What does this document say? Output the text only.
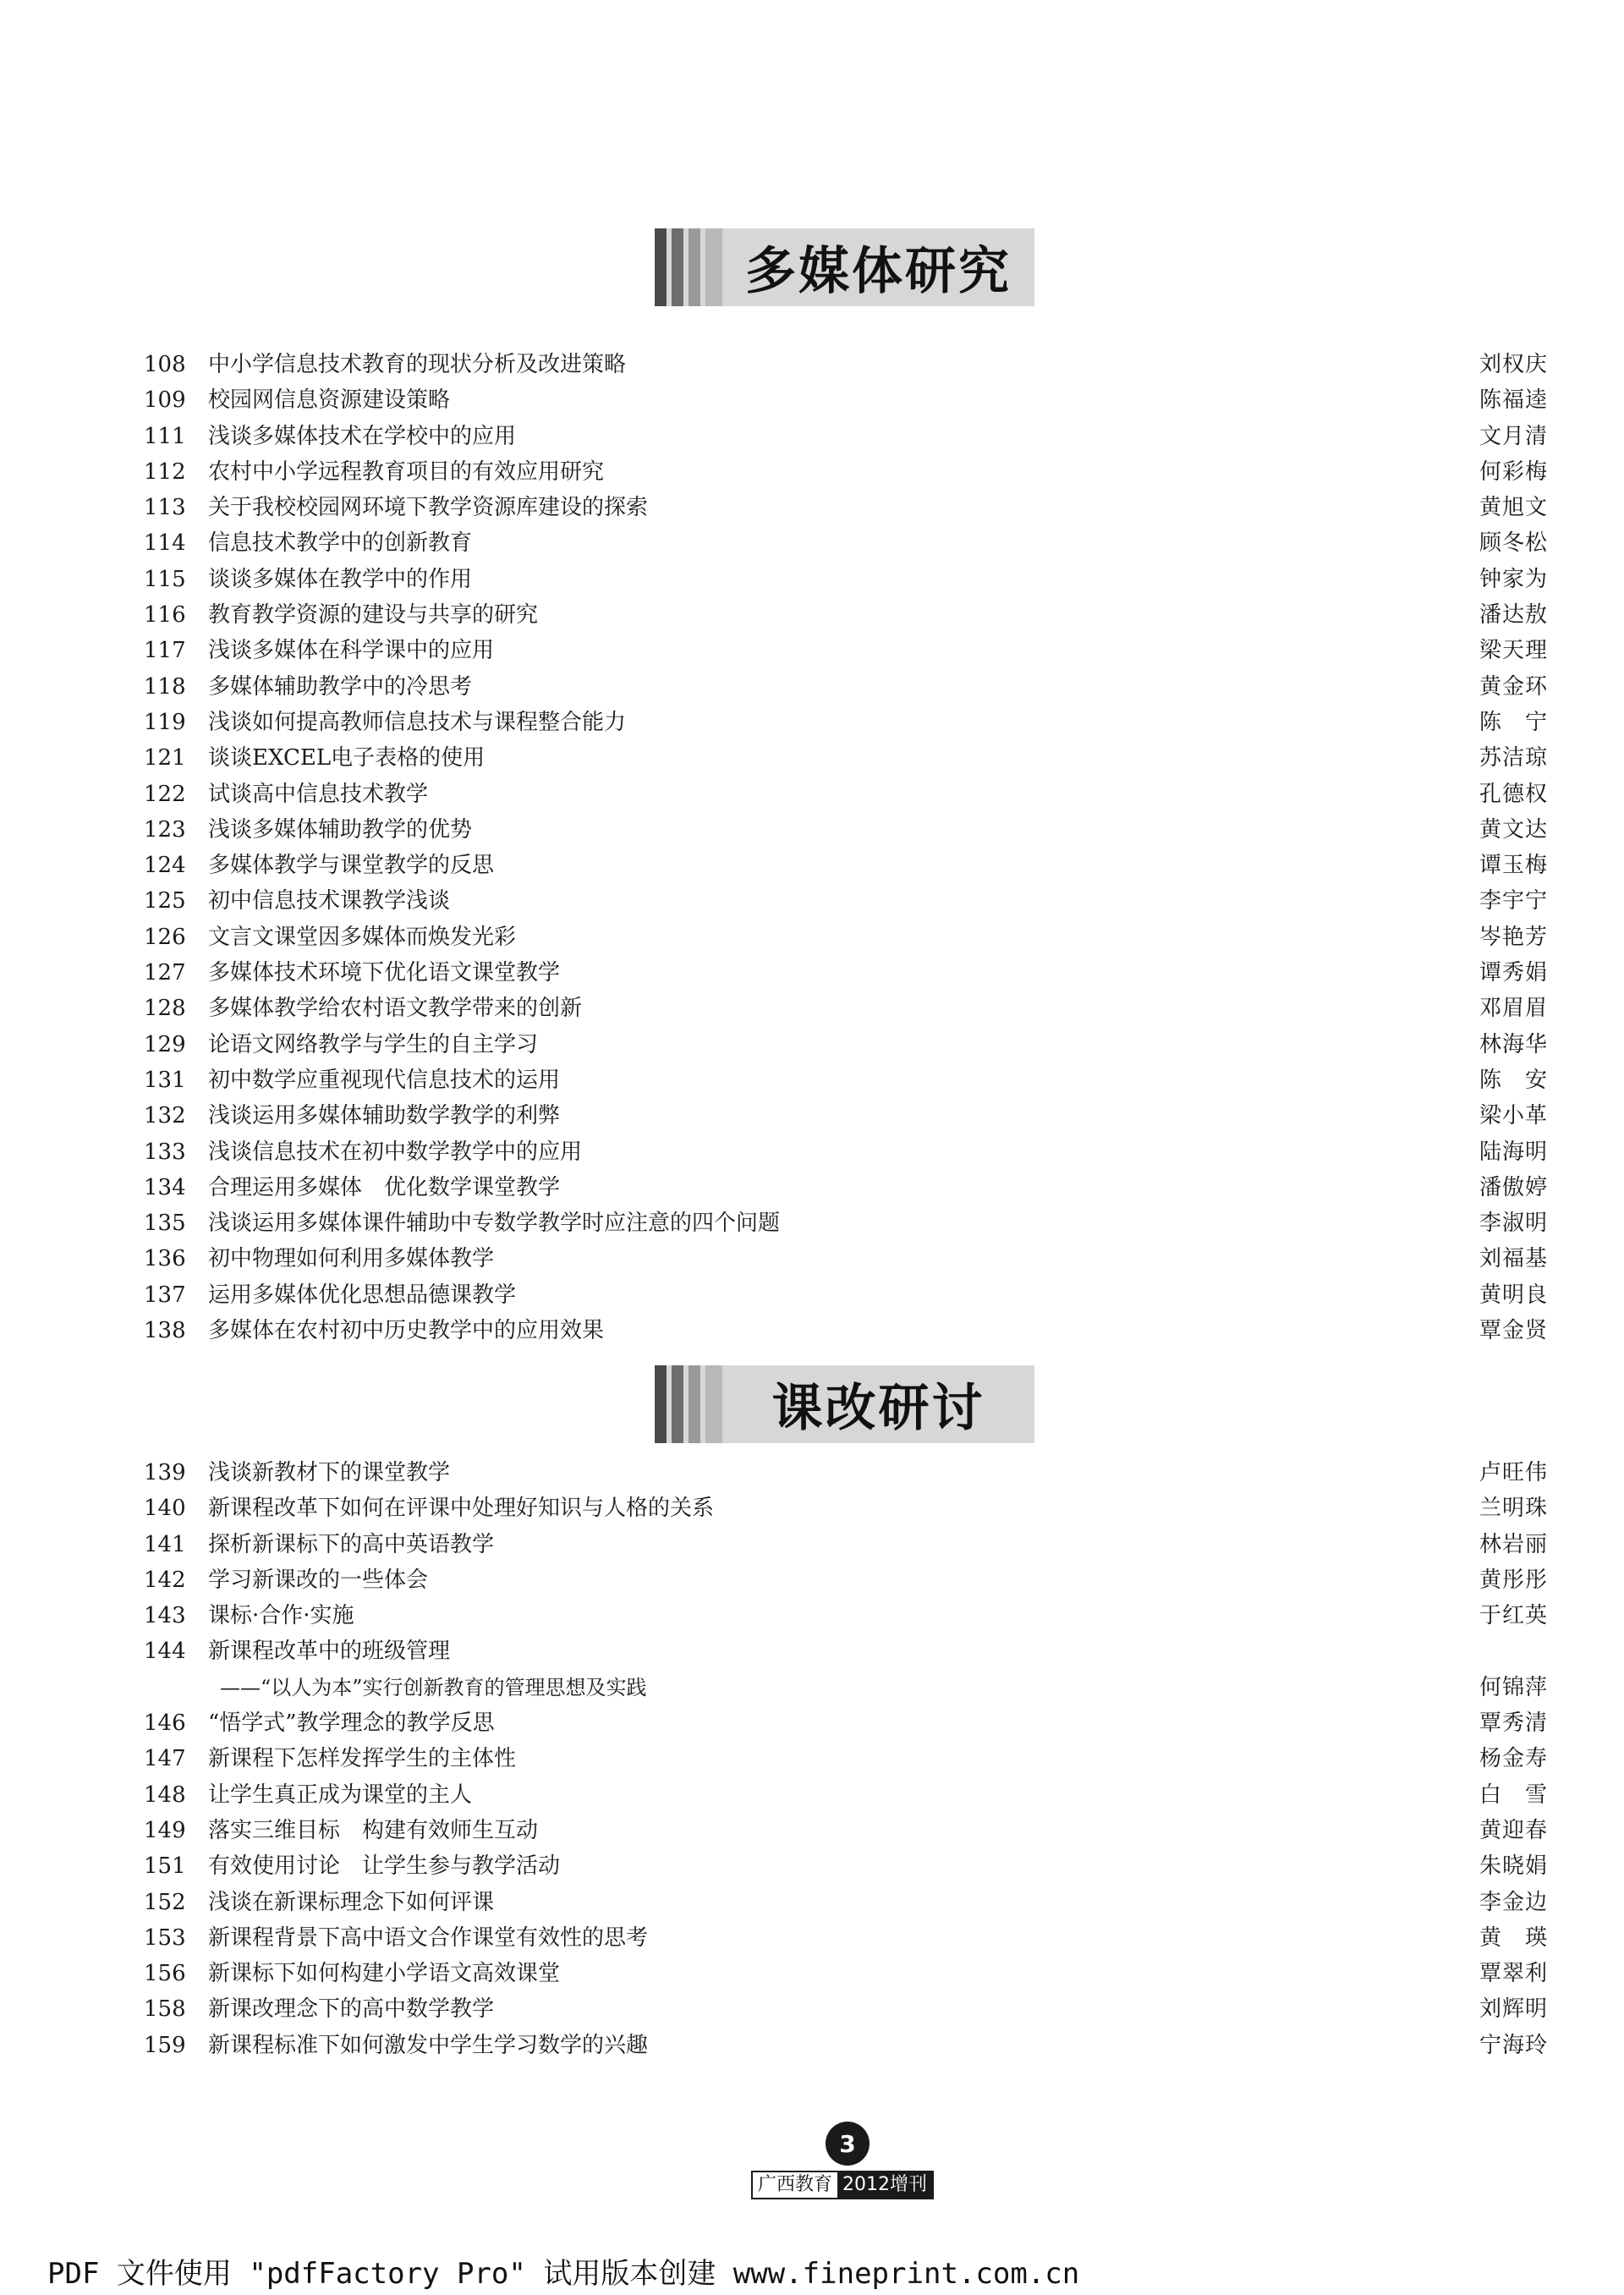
多媒体研究
108	中小学信息技术教育的现状分析及改进策略	刘权庆
109	校园网信息资源建设策略	陈福逵
111	浅谈多媒体技术在学校中的应用	文月清
112	农村中小学远程教育项目的有效应用研究	何彩梅
113	关于我校校园网环境下教学资源库建设的探索	黄旭文
114	信息技术教学中的创新教育	顾冬松
115	谈谈多媒体在教学中的作用	钟家为
116	教育教学资源的建设与共享的研究	潘达敖
117	浅谈多媒体在科学课中的应用	梁天理
118	多媒体辅助教学中的冷思考	黄金环
119	浅谈如何提高教师信息技术与课程整合能力	陈　宁
121	谈谈EXCEL电子表格的使用	苏洁琼
122	试谈高中信息技术教学	孔德权
123	浅谈多媒体辅助教学的优势	黄文达
124	多媒体教学与课堂教学的反思	谭玉梅
125	初中信息技术课教学浅谈	李宇宁
126	文言文课堂因多媒体而焕发光彩	岑艳芳
127	多媒体技术环境下优化语文课堂教学	谭秀娟
128	多媒体教学给农村语文教学带来的创新	邓眉眉
129	论语文网络教学与学生的自主学习	林海华
131	初中数学应重视现代信息技术的运用	陈　安
132	浅谈运用多媒体辅助数学教学的利弊	梁小革
133	浅谈信息技术在初中数学教学中的应用	陆海明
134	合理运用多媒体　优化数学课堂教学	潘傲婷
135	浅谈运用多媒体课件辅助中专数学教学时应注意的四个问题	李淑明
136	初中物理如何利用多媒体教学	刘福基
137	运用多媒体优化思想品德课教学	黄明良
138	多媒体在农村初中历史教学中的应用效果	覃金贤
课改研讨
139	浅谈新教材下的课堂教学	卢旺伟
140	新课程改革下如何在评课中处理好知识与人格的关系	兰明珠
141	探析新课标下的高中英语教学	林岩丽
142	学习新课改的一些体会	黄彤彤
143	课标·合作·实施	于红英
144	新课程改革中的班级管理
——“以人为本”实行创新教育的管理思想及实践	何锦萍
146	“悟学式”教学理念的教学反思	覃秀清
147	新课程下怎样发挥学生的主体性	杨金寿
148	让学生真正成为课堂的主人	白　雪
149	落实三维目标　构建有效师生互动	黄迎春
151	有效使用讨论　让学生参与教学活动	朱晓娟
152	浅谈在新课标理念下如何评课	李金边
153	新课程背景下高中语文合作课堂有效性的思考	黄　瑛
156	新课标下如何构建小学语文高效课堂	覃翠利
158	新课改理念下的高中数学教学	刘辉明
159	新课程标准下如何激发中学生学习数学的兴趣	宁海玲
3
广西教育 2012增刊
PDF 文件使用 "pdfFactory Pro" 试用版本创建 www.fineprint.com.cn
